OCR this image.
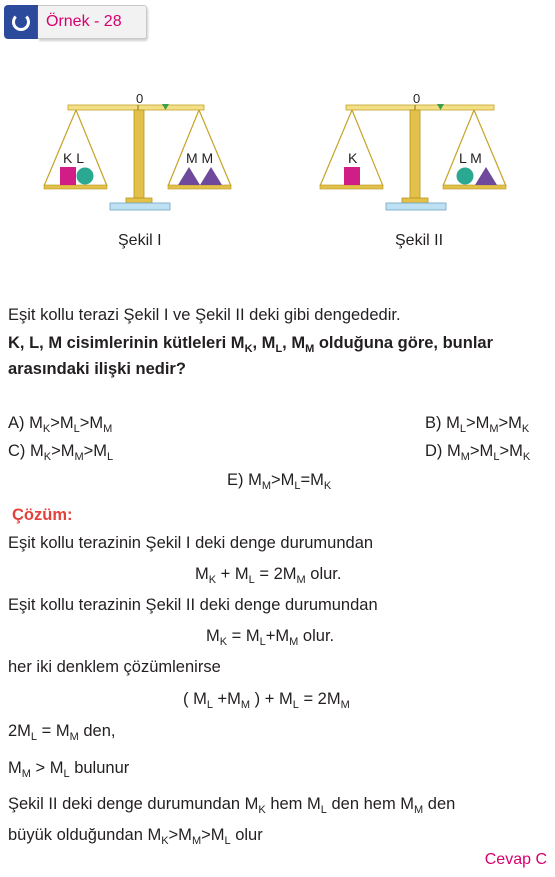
Örnek - 28
0
K L	M M
Şekil I
K	L M
0
Şekil II
Eşit kollu terazi Şekil I ve Şekil II deki gibi dengededir.
K, L, M cisimlerinin kütleleri $M_K$, $M_L$, $M_M$ olduğuna göre, bunlar
arasındaki ilişki nedir?
A) $M_K>M_L>M_M$	B) $M_L>M_M>M_K$
C) $M_K>M_M>M_L$	D) $M_M>M_L>M_K$
E) $M_M>M_L=M_K$
Çözüm:
Eşit kollu terazinin Şekil I deki denge durumundan
$M_K + M_L = 2M_M$ olur.
Eşit kollu terazinin Şekil II deki denge durumundan
$M_K = M_L+M_M$ olur.
her iki denklem çözümlenirse
( $M_L +M_M$ ) + $M_L = 2M_M$
$2M_L = M_M$ den,
$M_M > M_L$ bulunur
Şekil II deki denge durumundan $M_K$ hem $M_L$ den hem $M_M$ den
büyük olduğundan $M_K>M_M>M_L$ olur
Cevap C
